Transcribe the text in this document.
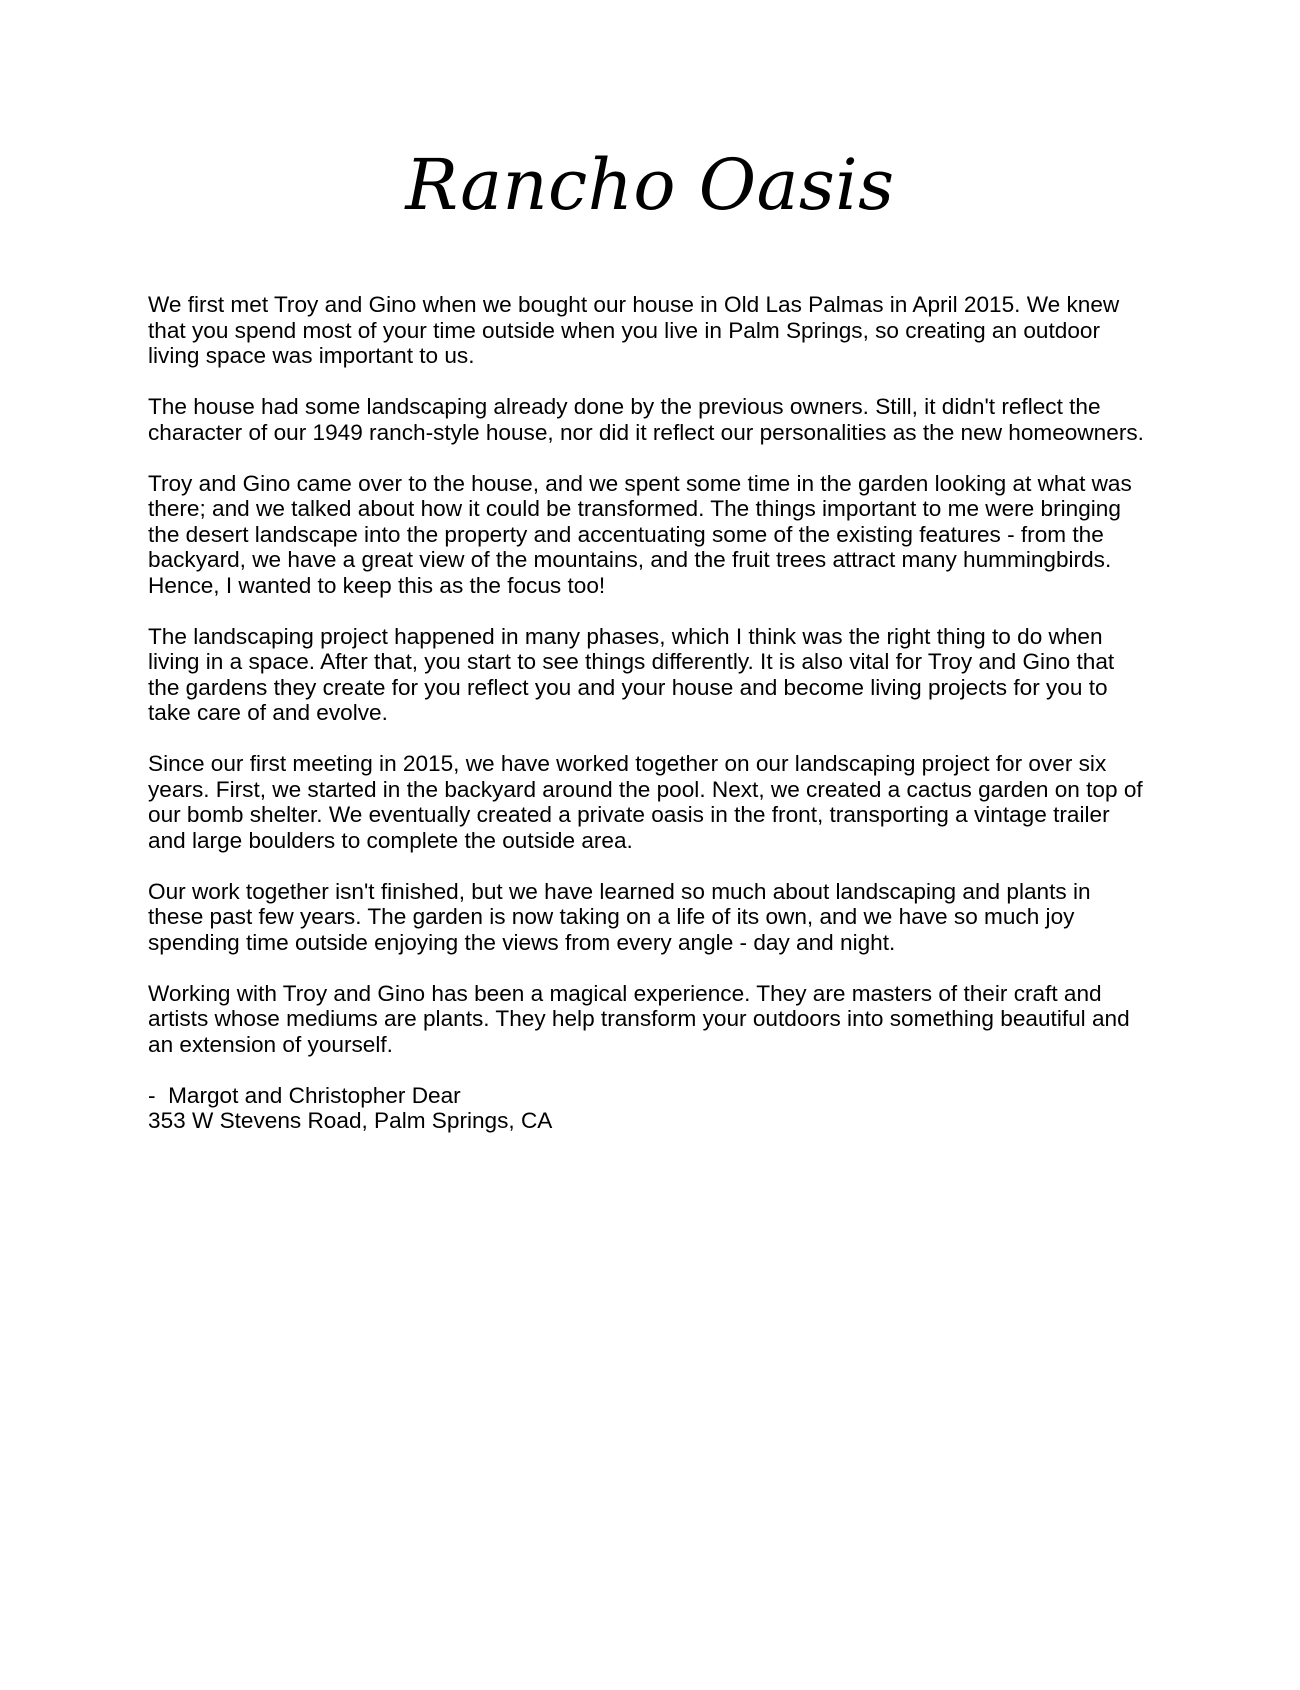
Rancho Oasis

We first met Troy and Gino when we bought our house in Old Las Palmas in April 2015. We knew that you spend most of your time outside when you live in Palm Springs, so creating an outdoor living space was important to us.

The house had some landscaping already done by the previous owners. Still, it didn't reflect the character of our 1949 ranch-style house, nor did it reflect our personalities as the new homeowners.

Troy and Gino came over to the house, and we spent some time in the garden looking at what was there; and we talked about how it could be transformed. The things important to me were bringing the desert landscape into the property and accentuating some of the existing features - from the backyard, we have a great view of the mountains, and the fruit trees attract many hummingbirds. Hence, I wanted to keep this as the focus too!

The landscaping project happened in many phases, which I think was the right thing to do when living in a space. After that, you start to see things differently. It is also vital for Troy and Gino that the gardens they create for you reflect you and your house and become living projects for you to take care of and evolve.

Since our first meeting in 2015, we have worked together on our landscaping project for over six years. First, we started in the backyard around the pool. Next, we created a cactus garden on top of our bomb shelter. We eventually created a private oasis in the front, transporting a vintage trailer and large boulders to complete the outside area.

Our work together isn't finished, but we have learned so much about landscaping and plants in these past few years. The garden is now taking on a life of its own, and we have so much joy spending time outside enjoying the views from every angle - day and night.

Working with Troy and Gino has been a magical experience. They are masters of their craft and artists whose mediums are plants. They help transform your outdoors into something beautiful and an extension of yourself.

-  Margot and Christopher Dear

353 W Stevens Road, Palm Springs, CA
